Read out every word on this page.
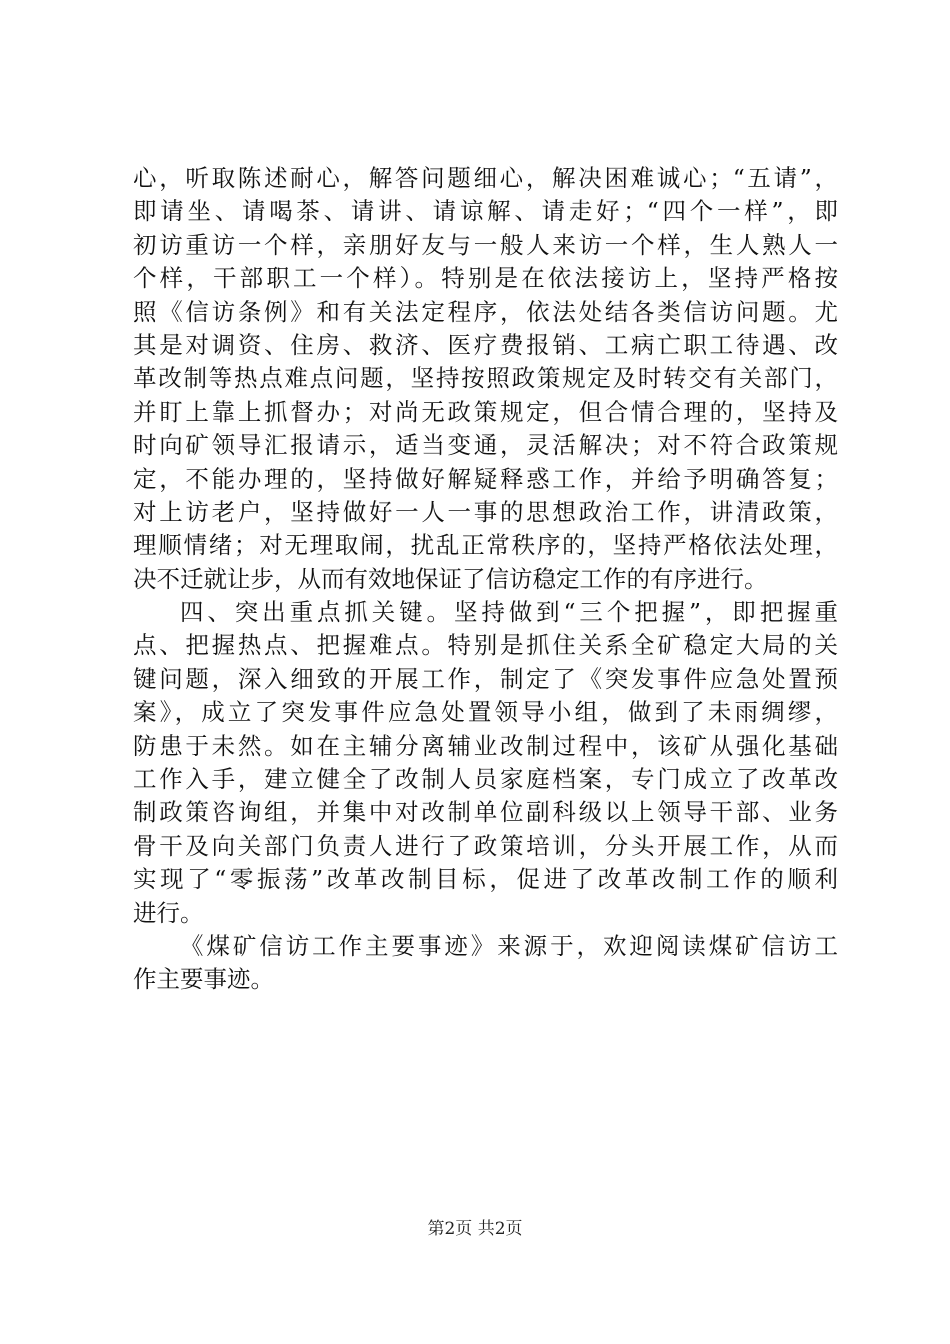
心，听取陈述耐心，解答问题细心，解决困难诚心；“五请”，
即请坐、请喝茶、请讲、请谅解、请走好；“四个一样”，即
初访重访一个样，亲朋好友与一般人来访一个样，生人熟人一
个样，干部职工一个样）。特别是在依法接访上，坚持严格按
照《信访条例》和有关法定程序，依法处结各类信访问题。尤
其是对调资、住房、救济、医疗费报销、工病亡职工待遇、改
革改制等热点难点问题，坚持按照政策规定及时转交有关部门，
并盯上靠上抓督办；对尚无政策规定，但合情合理的，坚持及
时向矿领导汇报请示，适当变通，灵活解决；对不符合政策规
定，不能办理的，坚持做好解疑释惑工作，并给予明确答复；
对上访老户，坚持做好一人一事的思想政治工作，讲清政策，
理顺情绪；对无理取闹，扰乱正常秩序的，坚持严格依法处理，
决不迁就让步，从而有效地保证了信访稳定工作的有序进行。
四、突出重点抓关键。坚持做到“三个把握”，即把握重
点、把握热点、把握难点。特别是抓住关系全矿稳定大局的关
键问题，深入细致的开展工作，制定了《突发事件应急处置预
案》，成立了突发事件应急处置领导小组，做到了未雨绸缪，
防患于未然。如在主辅分离辅业改制过程中，该矿从强化基础
工作入手，建立健全了改制人员家庭档案，专门成立了改革改
制政策咨询组，并集中对改制单位副科级以上领导干部、业务
骨干及向关部门负责人进行了政策培训，分头开展工作，从而
实现了“零振荡”改革改制目标，促进了改革改制工作的顺利
进行。
《煤矿信访工作主要事迹》来源于，欢迎阅读煤矿信访工
作主要事迹。
第2页 共2页
